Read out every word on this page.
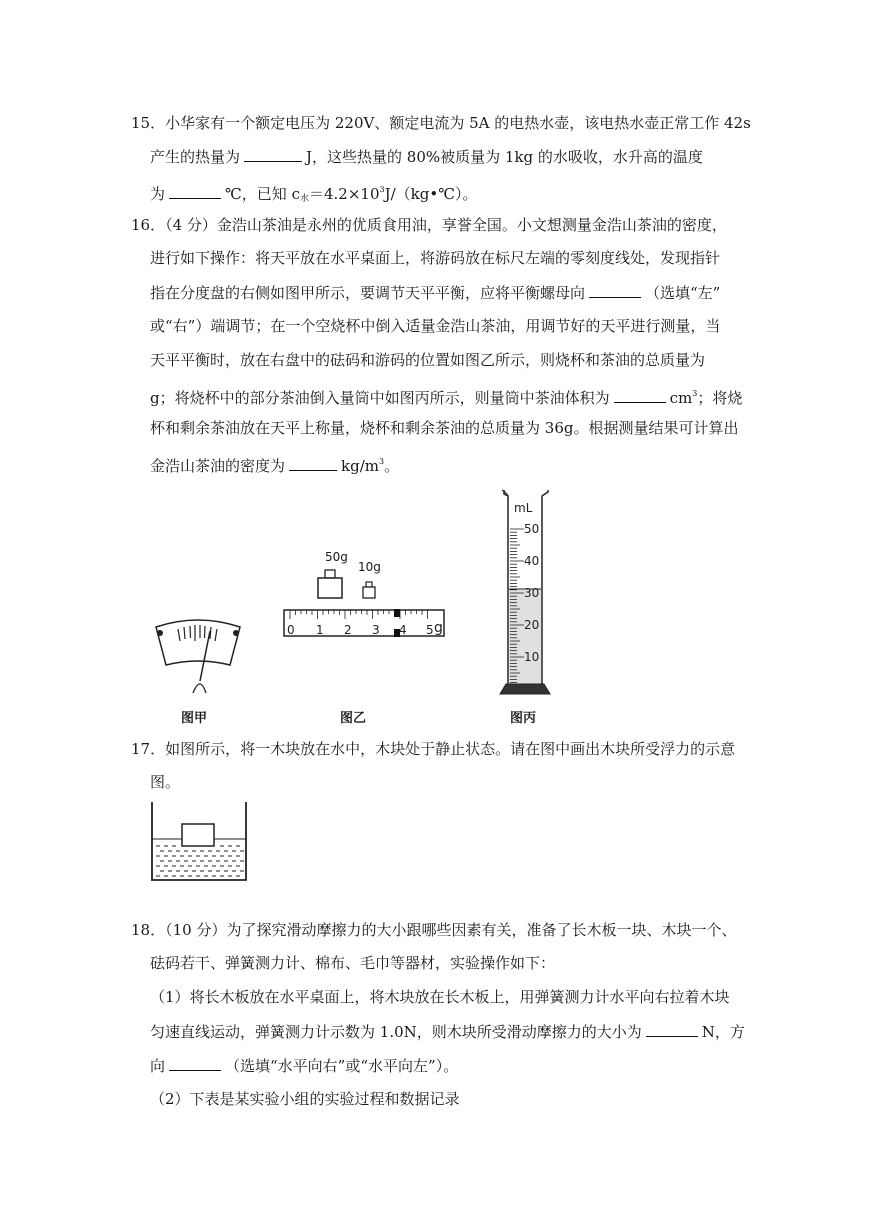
15．小华家有一个额定电压为 220V、额定电流为 5A 的电热水壶，该电热水壶正常工作 42s
产生的热量为	J，这些热量的 80%被质量为 1kg 的水吸收，水升高的温度
为	℃，已知 $c_水=4.2\times 10^3J/(kg•℃)$。
16．（4 分）金浩山茶油是永州的优质食用油，享誉全国。小文想测量金浩山茶油的密度，
进行如下操作：将天平放在水平桌面上，将游码放在标尺左端的零刻度线处，发现指针
指在分度盘的右侧如图甲所示，要调节天平平衡，应将平衡螺母向	（选填“左”
或“右”）端调节；在一个空烧杯中倒入适量金浩山茶油，用调节好的天平进行测量，当
天平平衡时，放在右盘中的砝码和游码的位置如图乙所示，则烧杯和茶油的总质量为
g；将烧杯中的部分茶油倒入量筒中如图丙所示，则量筒中茶油体积为	$cm^3$；将烧
杯和剩余茶油放在天平上称量，烧杯和剩余茶油的总质量为 36g。根据测量结果可计算出
金浩山茶油的密度为	$kg/m^3$。
图甲
50g
10g
0 1 2 3 4 5 g
图乙
mL
50
40
30
20
10
图丙
17．如图所示，将一木块放在水中，木块处于静止状态。请在图中画出木块所受浮力的示意
图。
18．（10 分）为了探究滑动摩擦力的大小跟哪些因素有关，准备了长木板一块、木块一个、
砝码若干、弹簧测力计、棉布、毛巾等器材，实验操作如下：
（1）将长木板放在水平桌面上，将木块放在长木板上，用弹簧测力计水平向右拉着木块
匀速直线运动，弹簧测力计示数为 1.0N，则木块所受滑动摩擦力的大小为	N，方
向	（选填“水平向右”或“水平向左”）。
（2）下表是某实验小组的实验过程和数据记录
